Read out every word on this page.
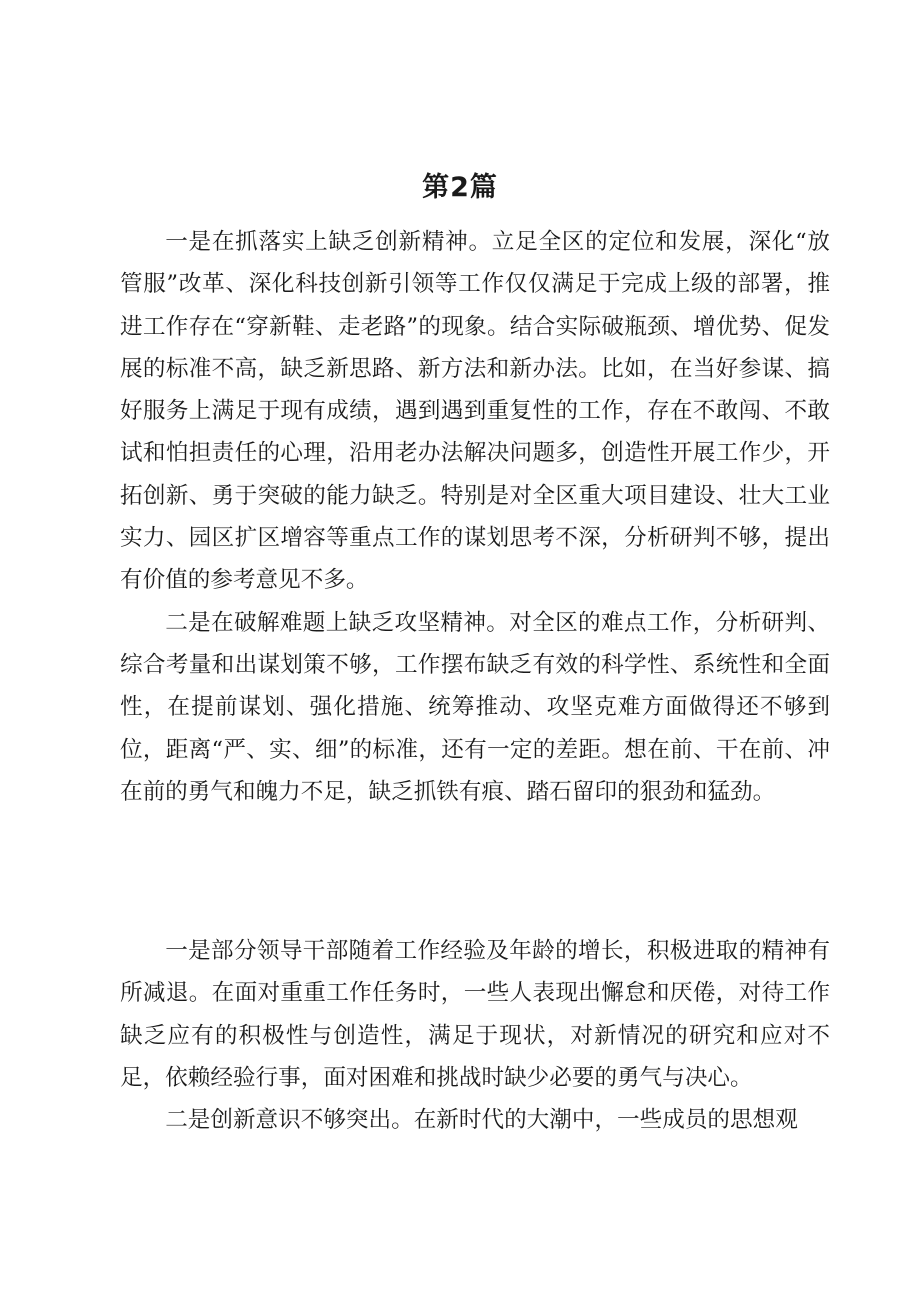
第2篇

一是在抓落实上缺乏创新精神。立足全区的定位和发展，深化“放管服”改革、深化科技创新引领等工作仅仅满足于完成上级的部署，推进工作存在“穿新鞋、走老路”的现象。结合实际破瓶颈、增优势、促发展的标准不高，缺乏新思路、新方法和新办法。比如，在当好参谋、搞好服务上满足于现有成绩，遇到遇到重复性的工作，存在不敢闯、不敢试和怕担责任的心理，沿用老办法解决问题多，创造性开展工作少，开拓创新、勇于突破的能力缺乏。特别是对全区重大项目建设、壮大工业实力、园区扩区增容等重点工作的谋划思考不深，分析研判不够，提出有价值的参考意见不多。

二是在破解难题上缺乏攻坚精神。对全区的难点工作，分析研判、综合考量和出谋划策不够，工作摆布缺乏有效的科学性、系统性和全面性，在提前谋划、强化措施、统筹推动、攻坚克难方面做得还不够到位，距离“严、实、细”的标准，还有一定的差距。想在前、干在前、冲在前的勇气和魄力不足，缺乏抓铁有痕、踏石留印的狠劲和猛劲。

一是部分领导干部随着工作经验及年龄的增长，积极进取的精神有所减退。在面对重重工作任务时，一些人表现出懈怠和厌倦，对待工作缺乏应有的积极性与创造性，满足于现状，对新情况的研究和应对不足，依赖经验行事，面对困难和挑战时缺少必要的勇气与决心。

二是创新意识不够突出。在新时代的大潮中，一些成员的思想观
